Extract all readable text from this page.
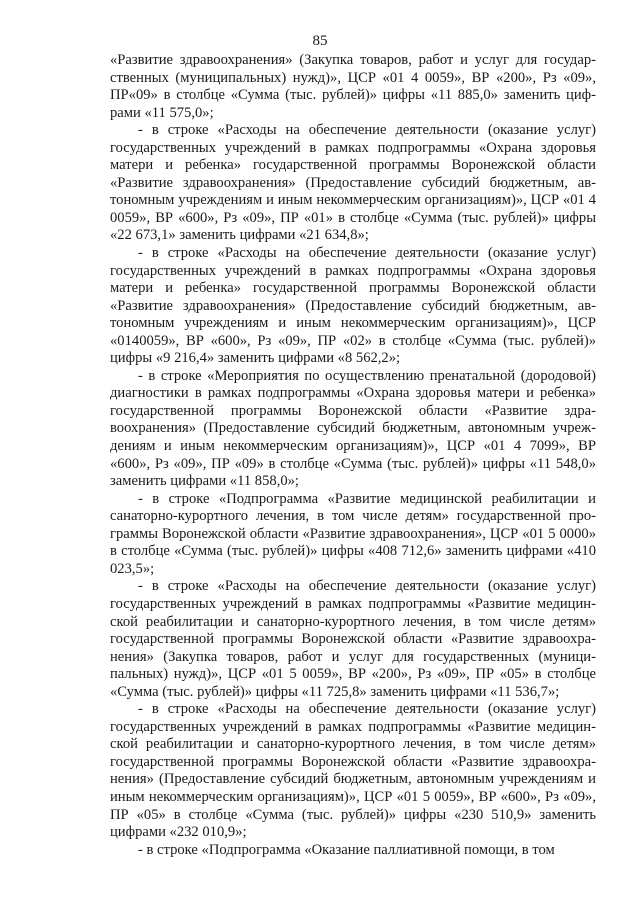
85

«Развитие здравоохранения» (Закупка товаров, работ и услуг для государственных (муниципальных) нужд)», ЦСР «01 4 0059», ВР «200», Рз «09», ПР«09» в столбце «Сумма (тыс. рублей)» цифры «11 885,0» заменить цифрами «11 575,0»;

- в строке «Расходы на обеспечение деятельности (оказание услуг) государственных учреждений в рамках подпрограммы «Охрана здоровья матери и ребенка» государственной программы Воронежской области «Развитие здравоохранения» (Предоставление субсидий бюджетным, автономным учреждениям и иным некоммерческим организациям)», ЦСР «01 4 0059», ВР «600», Рз «09», ПР «01» в столбце «Сумма (тыс. рублей)» цифры «22 673,1» заменить цифрами «21 634,8»;

- в строке «Расходы на обеспечение деятельности (оказание услуг) государственных учреждений в рамках подпрограммы «Охрана здоровья матери и ребенка» государственной программы Воронежской области «Развитие здравоохранения» (Предоставление субсидий бюджетным, автономным учреждениям и иным некоммерческим организациям)», ЦСР «0140059», ВР «600», Рз «09», ПР «02» в столбце «Сумма (тыс. рублей)» цифры «9 216,4» заменить цифрами «8 562,2»;

- в строке «Мероприятия по осуществлению пренатальной (дородовой) диагностики в рамках подпрограммы «Охрана здоровья матери и ребенка» государственной программы Воронежской области «Развитие здравоохранения» (Предоставление субсидий бюджетным, автономным учреждениям и иным некоммерческим организациям)», ЦСР «01 4 7099», ВР «600», Рз «09», ПР «09» в столбце «Сумма (тыс. рублей)» цифры «11 548,0» заменить цифрами «11 858,0»;

- в строке «Подпрограмма «Развитие медицинской реабилитации и санаторно-курортного лечения, в том числе детям» государственной программы Воронежской области «Развитие здравоохранения», ЦСР «01 5 0000» в столбце «Сумма (тыс. рублей)» цифры «408 712,6» заменить цифрами «410 023,5»;

- в строке «Расходы на обеспечение деятельности (оказание услуг) государственных учреждений в рамках подпрограммы «Развитие медицинской реабилитации и санаторно-курортного лечения, в том числе детям» государственной программы Воронежской области «Развитие здравоохранения» (Закупка товаров, работ и услуг для государственных (муниципальных) нужд)», ЦСР «01 5 0059», ВР «200», Рз «09», ПР «05» в столбце «Сумма (тыс. рублей)» цифры «11 725,8» заменить цифрами «11 536,7»;

- в строке «Расходы на обеспечение деятельности (оказание услуг) государственных учреждений в рамках подпрограммы «Развитие медицинской реабилитации и санаторно-курортного лечения, в том числе детям» государственной программы Воронежской области «Развитие здравоохранения» (Предоставление субсидий бюджетным, автономным учреждениям и иным некоммерческим организациям)», ЦСР «01 5 0059», ВР «600», Рз «09», ПР «05» в столбце «Сумма (тыс. рублей)» цифры «230 510,9» заменить цифрами «232 010,9»;

- в строке «Подпрограмма «Оказание паллиативной помощи, в том
